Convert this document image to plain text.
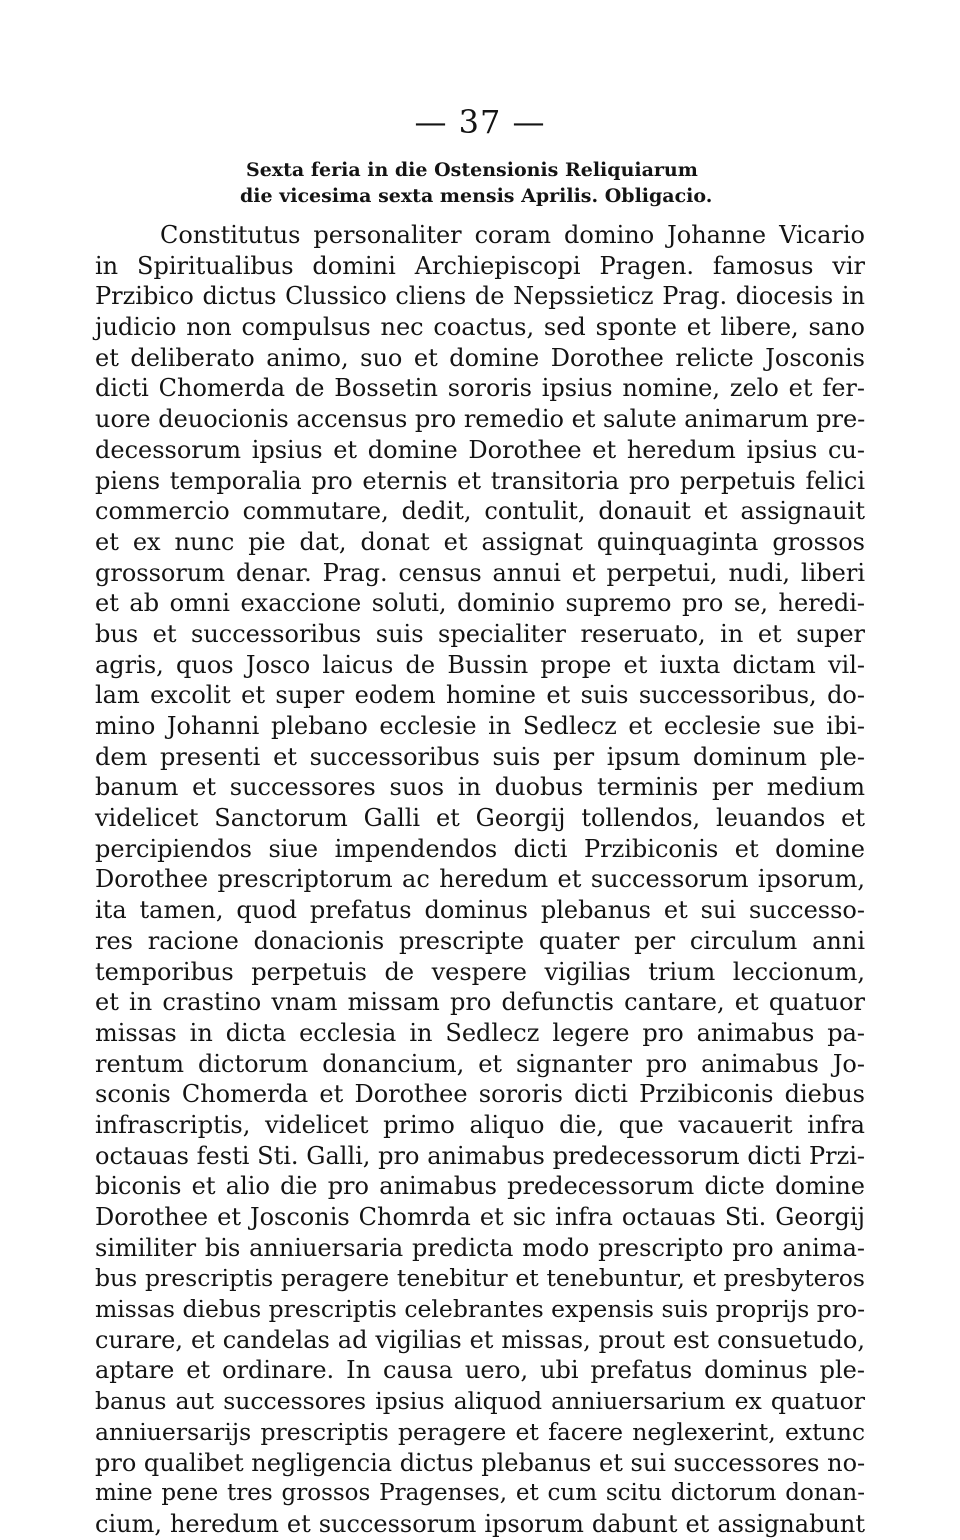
— 37 —
Sexta feria in die Ostensionis Reliquiarum
die vicesima sexta mensis Aprilis. Obligacio.
Constitutus personaliter coram domino Johanne Vicario
in Spiritualibus domini Archiepiscopi Pragen. famosus vir
Przibico dictus Clussico cliens de Nepssieticz Prag. diocesis in
judicio non compulsus nec coactus, sed sponte et libere, sano
et deliberato animo, suo et domine Dorothee relicte Josconis
dicti Chomerda de Bossetin sororis ipsius nomine, zelo et fer-
uore deuocionis accensus pro remedio et salute animarum pre-
decessorum ipsius et domine Dorothee et heredum ipsius cu-
piens temporalia pro eternis et transitoria pro perpetuis felici
commercio commutare, dedit, contulit, donauit et assignauit
et ex nunc pie dat, donat et assignat quinquaginta grossos
grossorum denar. Prag. census annui et perpetui, nudi, liberi
et ab omni exaccione soluti, dominio supremo pro se, heredi-
bus et successoribus suis specialiter reseruato, in et super
agris, quos Josco laicus de Bussin prope et iuxta dictam vil-
lam excolit et super eodem homine et suis successoribus, do-
mino Johanni plebano ecclesie in Sedlecz et ecclesie sue ibi-
dem presenti et successoribus suis per ipsum dominum ple-
banum et successores suos in duobus terminis per medium
videlicet Sanctorum Galli et Georgij tollendos, leuandos et
percipiendos siue impendendos dicti Przibiconis et domine
Dorothee prescriptorum ac heredum et successorum ipsorum,
ita tamen, quod prefatus dominus plebanus et sui successo-
res racione donacionis prescripte quater per circulum anni
temporibus perpetuis de vespere vigilias trium leccionum,
et in crastino vnam missam pro defunctis cantare, et quatuor
missas in dicta ecclesia in Sedlecz legere pro animabus pa-
rentum dictorum donancium, et signanter pro animabus Jo-
sconis Chomerda et Dorothee sororis dicti Przibiconis diebus
infrascriptis, videlicet primo aliquo die, que vacauerit infra
octauas festi Sti. Galli, pro animabus predecessorum dicti Przi-
biconis et alio die pro animabus predecessorum dicte domine
Dorothee et Josconis Chomrda et sic infra octauas Sti. Georgij
similiter bis anniuersaria predicta modo prescripto pro anima-
bus prescriptis peragere tenebitur et tenebuntur, et presbyteros
missas diebus prescriptis celebrantes expensis suis proprijs pro-
curare, et candelas ad vigilias et missas, prout est consuetudo,
aptare et ordinare. In causa uero, ubi prefatus dominus ple-
banus aut successores ipsius aliquod anniuersarium ex quatuor
anniuersarijs prescriptis peragere et facere neglexerint, extunc
pro qualibet negligencia dictus plebanus et sui successores no-
mine pene tres grossos Pragenses, et cum scitu dictorum donan-
cium, heredum et successorum ipsorum dabunt et assignabunt
